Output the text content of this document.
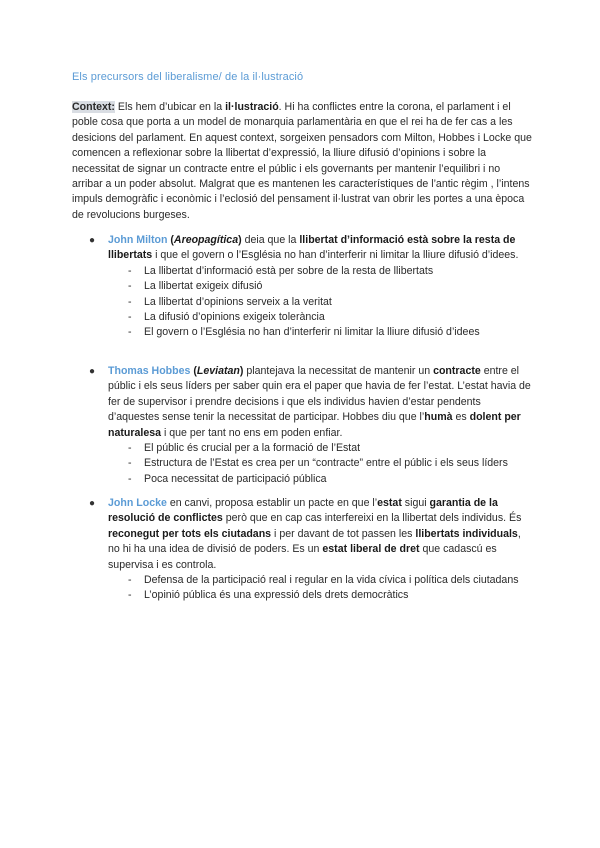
Els precursors del liberalisme/ de la il·lustració
Context: Els hem d’ubicar en la il·lustració. Hi ha conflictes entre la corona, el parlament i el poble cosa que porta a un model de monarquia parlamentària en que el rei ha de fer cas a les desicions del parlament. En aquest context, sorgeixen pensadors com Milton, Hobbes i Locke que comencen a reflexionar sobre la llibertat d’expressió, la lliure difusió d’opinions i sobre la necessitat de signar un contracte entre el públic i els governants per mantenir l’equilibri i no arribar a un poder absolut. Malgrat que es mantenen les característiques de l’antic règim , l’intens impuls demogràfic i econòmic i l’eclosió del pensament il·lustrat van obrir les portes a una època de revolucions burgeses.
● John Milton (Areopagítica) deia que la llibertat d’informació està sobre la resta de llibertats i que el govern o l’Església no han d’interferir ni limitar la lliure difusió d’idees.
- La llibertat d’informació està per sobre de la resta de llibertats
- La llibertat exigeix difusió
- La llibertat d’opinions serveix a la veritat
- La difusió d’opinions exigeix tolerància
- El govern o l’Església no han d’interferir ni limitar la lliure difusió d’idees
● Thomas Hobbes (Leviatan) plantejava la necessitat de mantenir un contracte entre el públic i els seus líders per saber quin era el paper que havia de fer l’estat. L’estat havia de fer de supervisor i prendre decisions i que els individus havien d’estar pendents d’aquestes sense tenir la necessitat de participar. Hobbes diu que l’humà es dolent per naturalesa i que per tant no ens em poden enfiar.
- El públic és crucial per a la formació de l’Estat
- Estructura de l’Estat es crea per un “contracte” entre el públic i els seus líders
- Poca necessitat de participació pública
● John Locke en canvi, proposa establir un pacte en que l’estat sigui garantia de la resolució de conflictes però que en cap cas interfereixi en la llibertat dels individus. És reconegut per tots els ciutadans i per davant de tot passen les llibertats individuals, no hi ha una idea de divisió de poders. Es un estat liberal de dret que cadascú es supervisa i es controla.
- Defensa de la participació real i regular en la vida cívica i política dels ciutadans
- L’opinió pública és una expressió dels drets democràtics
